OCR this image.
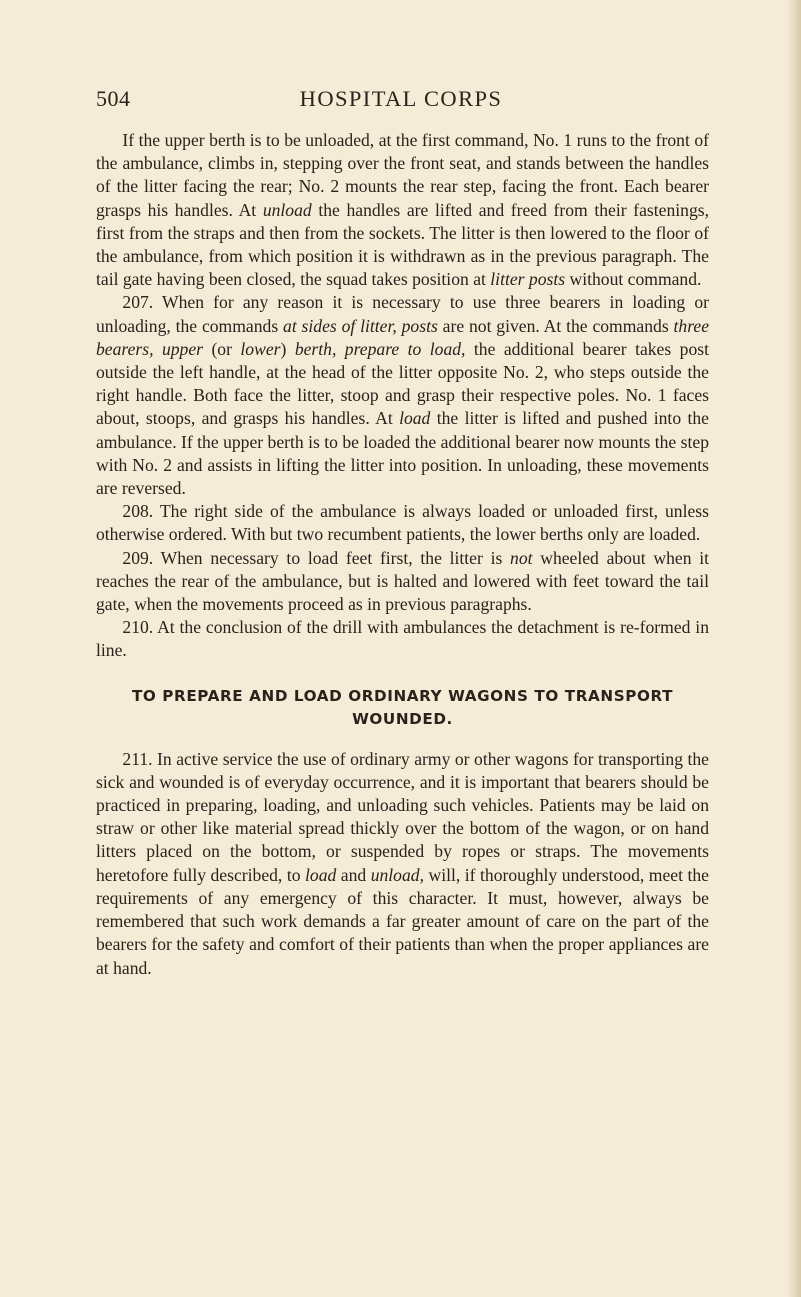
504	HOSPITAL CORPS

If the upper berth is to be unloaded, at the first command, No. 1 runs to the front of the ambulance, climbs in, stepping over the front seat, and stands between the handles of the litter facing the rear; No. 2 mounts the rear step, facing the front. Each bearer grasps his handles. At unload the handles are lifted and freed from their fastenings, first from the straps and then from the sockets. The litter is then lowered to the floor of the ambulance, from which position it is withdrawn as in the previous paragraph. The tail gate having been closed, the squad takes position at litter posts without command.

207. When for any reason it is necessary to use three bearers in loading or unloading, the commands at sides of litter, posts are not given. At the commands three bearers, upper (or lower) berth, prepare to load, the additional bearer takes post outside the left handle, at the head of the litter opposite No. 2, who steps outside the right handle. Both face the litter, stoop and grasp their respective poles. No. 1 faces about, stoops, and grasps his handles. At load the litter is lifted and pushed into the ambulance. If the upper berth is to be loaded the additional bearer now mounts the step with No. 2 and assists in lifting the litter into position. In unloading, these movements are reversed.

208. The right side of the ambulance is always loaded or unloaded first, unless otherwise ordered. With but two recumbent patients, the lower berths only are loaded.

209. When necessary to load feet first, the litter is not wheeled about when it reaches the rear of the ambulance, but is halted and lowered with feet toward the tail gate, when the movements proceed as in previous paragraphs.

210. At the conclusion of the drill with ambulances the detachment is re-formed in line.

TO PREPARE AND LOAD ORDINARY WAGONS TO TRANSPORT WOUNDED.

211. In active service the use of ordinary army or other wagons for transporting the sick and wounded is of everyday occurrence, and it is important that bearers should be practiced in preparing, loading, and unloading such vehicles. Patients may be laid on straw or other like material spread thickly over the bottom of the wagon, or on hand litters placed on the bottom, or suspended by ropes or straps. The movements heretofore fully described, to load and unload, will, if thoroughly understood, meet the requirements of any emergency of this character. It must, however, always be remembered that such work demands a far greater amount of care on the part of the bearers for the safety and comfort of their patients than when the proper appliances are at hand.
